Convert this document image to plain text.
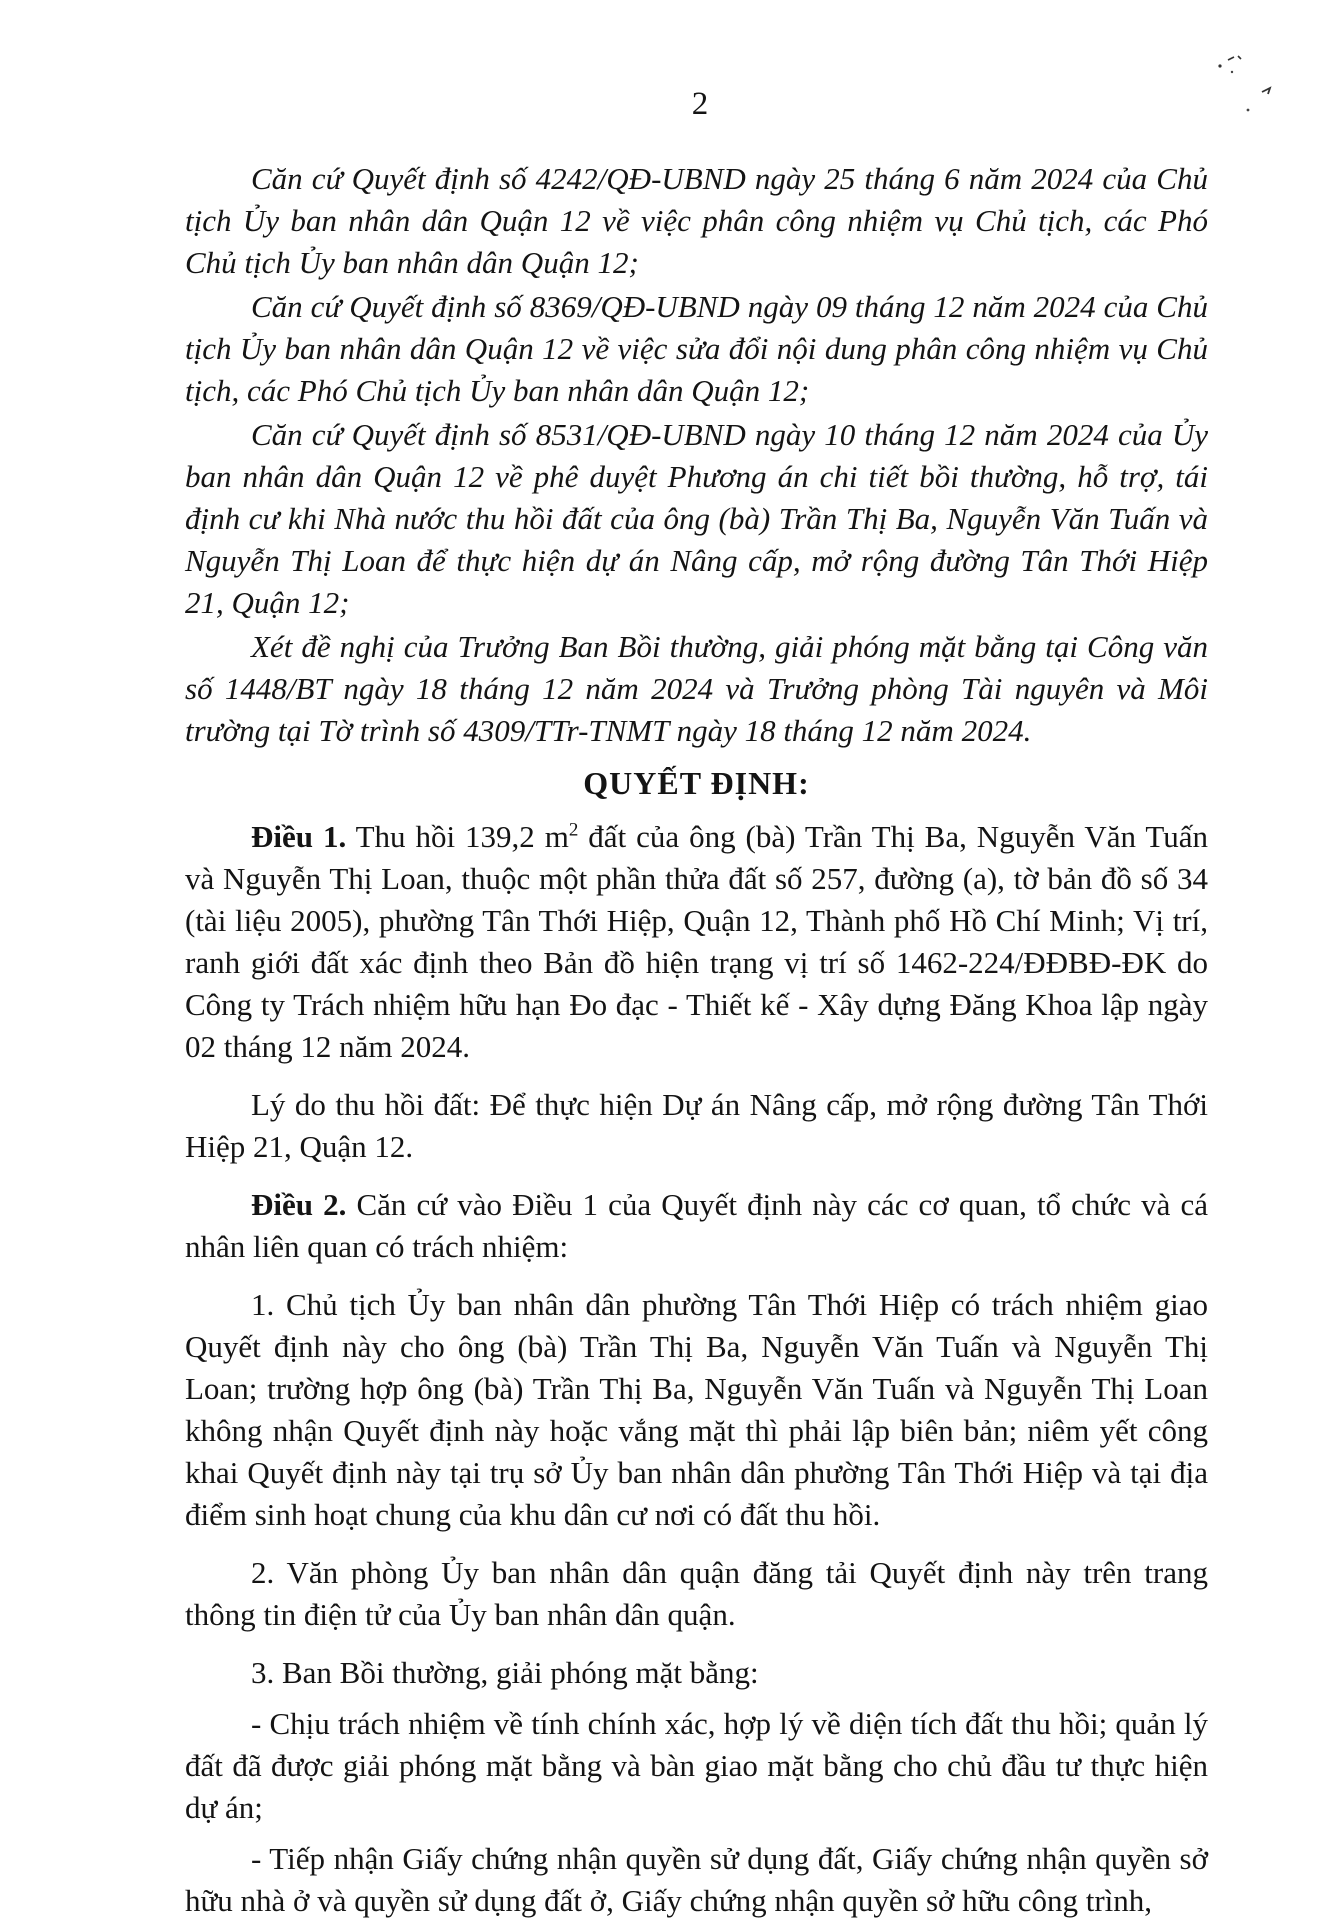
2

Căn cứ Quyết định số 4242/QĐ-UBND ngày 25 tháng 6 năm 2024 của Chủ tịch Ủy ban nhân dân Quận 12 về việc phân công nhiệm vụ Chủ tịch, các Phó Chủ tịch Ủy ban nhân dân Quận 12;

Căn cứ Quyết định số 8369/QĐ-UBND ngày 09 tháng 12 năm 2024 của Chủ tịch Ủy ban nhân dân Quận 12 về việc sửa đổi nội dung phân công nhiệm vụ Chủ tịch, các Phó Chủ tịch Ủy ban nhân dân Quận 12;

Căn cứ Quyết định số 8531/QĐ-UBND ngày 10 tháng 12 năm 2024 của Ủy ban nhân dân Quận 12 về phê duyệt Phương án chi tiết bồi thường, hỗ trợ, tái định cư khi Nhà nước thu hồi đất của ông (bà) Trần Thị Ba, Nguyễn Văn Tuấn và Nguyễn Thị Loan để thực hiện dự án Nâng cấp, mở rộng đường Tân Thới Hiệp 21, Quận 12;

Xét đề nghị của Trưởng Ban Bồi thường, giải phóng mặt bằng tại Công văn số 1448/BT ngày 18 tháng 12 năm 2024 và Trưởng phòng Tài nguyên và Môi trường tại Tờ trình số 4309/TTr-TNMT ngày 18 tháng 12 năm 2024.

QUYẾT ĐỊNH:

Điều 1. Thu hồi 139,2 $m^2$ đất của ông (bà) Trần Thị Ba, Nguyễn Văn Tuấn và Nguyễn Thị Loan, thuộc một phần thửa đất số 257, đường (a), tờ bản đồ số 34 (tài liệu 2005), phường Tân Thới Hiệp, Quận 12, Thành phố Hồ Chí Minh; Vị trí, ranh giới đất xác định theo Bản đồ hiện trạng vị trí số 1462-224/ĐĐBĐ-ĐK do Công ty Trách nhiệm hữu hạn Đo đạc - Thiết kế - Xây dựng Đăng Khoa lập ngày 02 tháng 12 năm 2024.

Lý do thu hồi đất: Để thực hiện Dự án Nâng cấp, mở rộng đường Tân Thới Hiệp 21, Quận 12.

Điều 2. Căn cứ vào Điều 1 của Quyết định này các cơ quan, tổ chức và cá nhân liên quan có trách nhiệm:

1. Chủ tịch Ủy ban nhân dân phường Tân Thới Hiệp có trách nhiệm giao Quyết định này cho ông (bà) Trần Thị Ba, Nguyễn Văn Tuấn và Nguyễn Thị Loan; trường hợp ông (bà) Trần Thị Ba, Nguyễn Văn Tuấn và Nguyễn Thị Loan không nhận Quyết định này hoặc vắng mặt thì phải lập biên bản; niêm yết công khai Quyết định này tại trụ sở Ủy ban nhân dân phường Tân Thới Hiệp và tại địa điểm sinh hoạt chung của khu dân cư nơi có đất thu hồi.

2. Văn phòng Ủy ban nhân dân quận đăng tải Quyết định này trên trang thông tin điện tử của Ủy ban nhân dân quận.

3. Ban Bồi thường, giải phóng mặt bằng:

- Chịu trách nhiệm về tính chính xác, hợp lý về diện tích đất thu hồi; quản lý đất đã được giải phóng mặt bằng và bàn giao mặt bằng cho chủ đầu tư thực hiện dự án;

- Tiếp nhận Giấy chứng nhận quyền sử dụng đất, Giấy chứng nhận quyền sở hữu nhà ở và quyền sử dụng đất ở, Giấy chứng nhận quyền sở hữu công trình,
